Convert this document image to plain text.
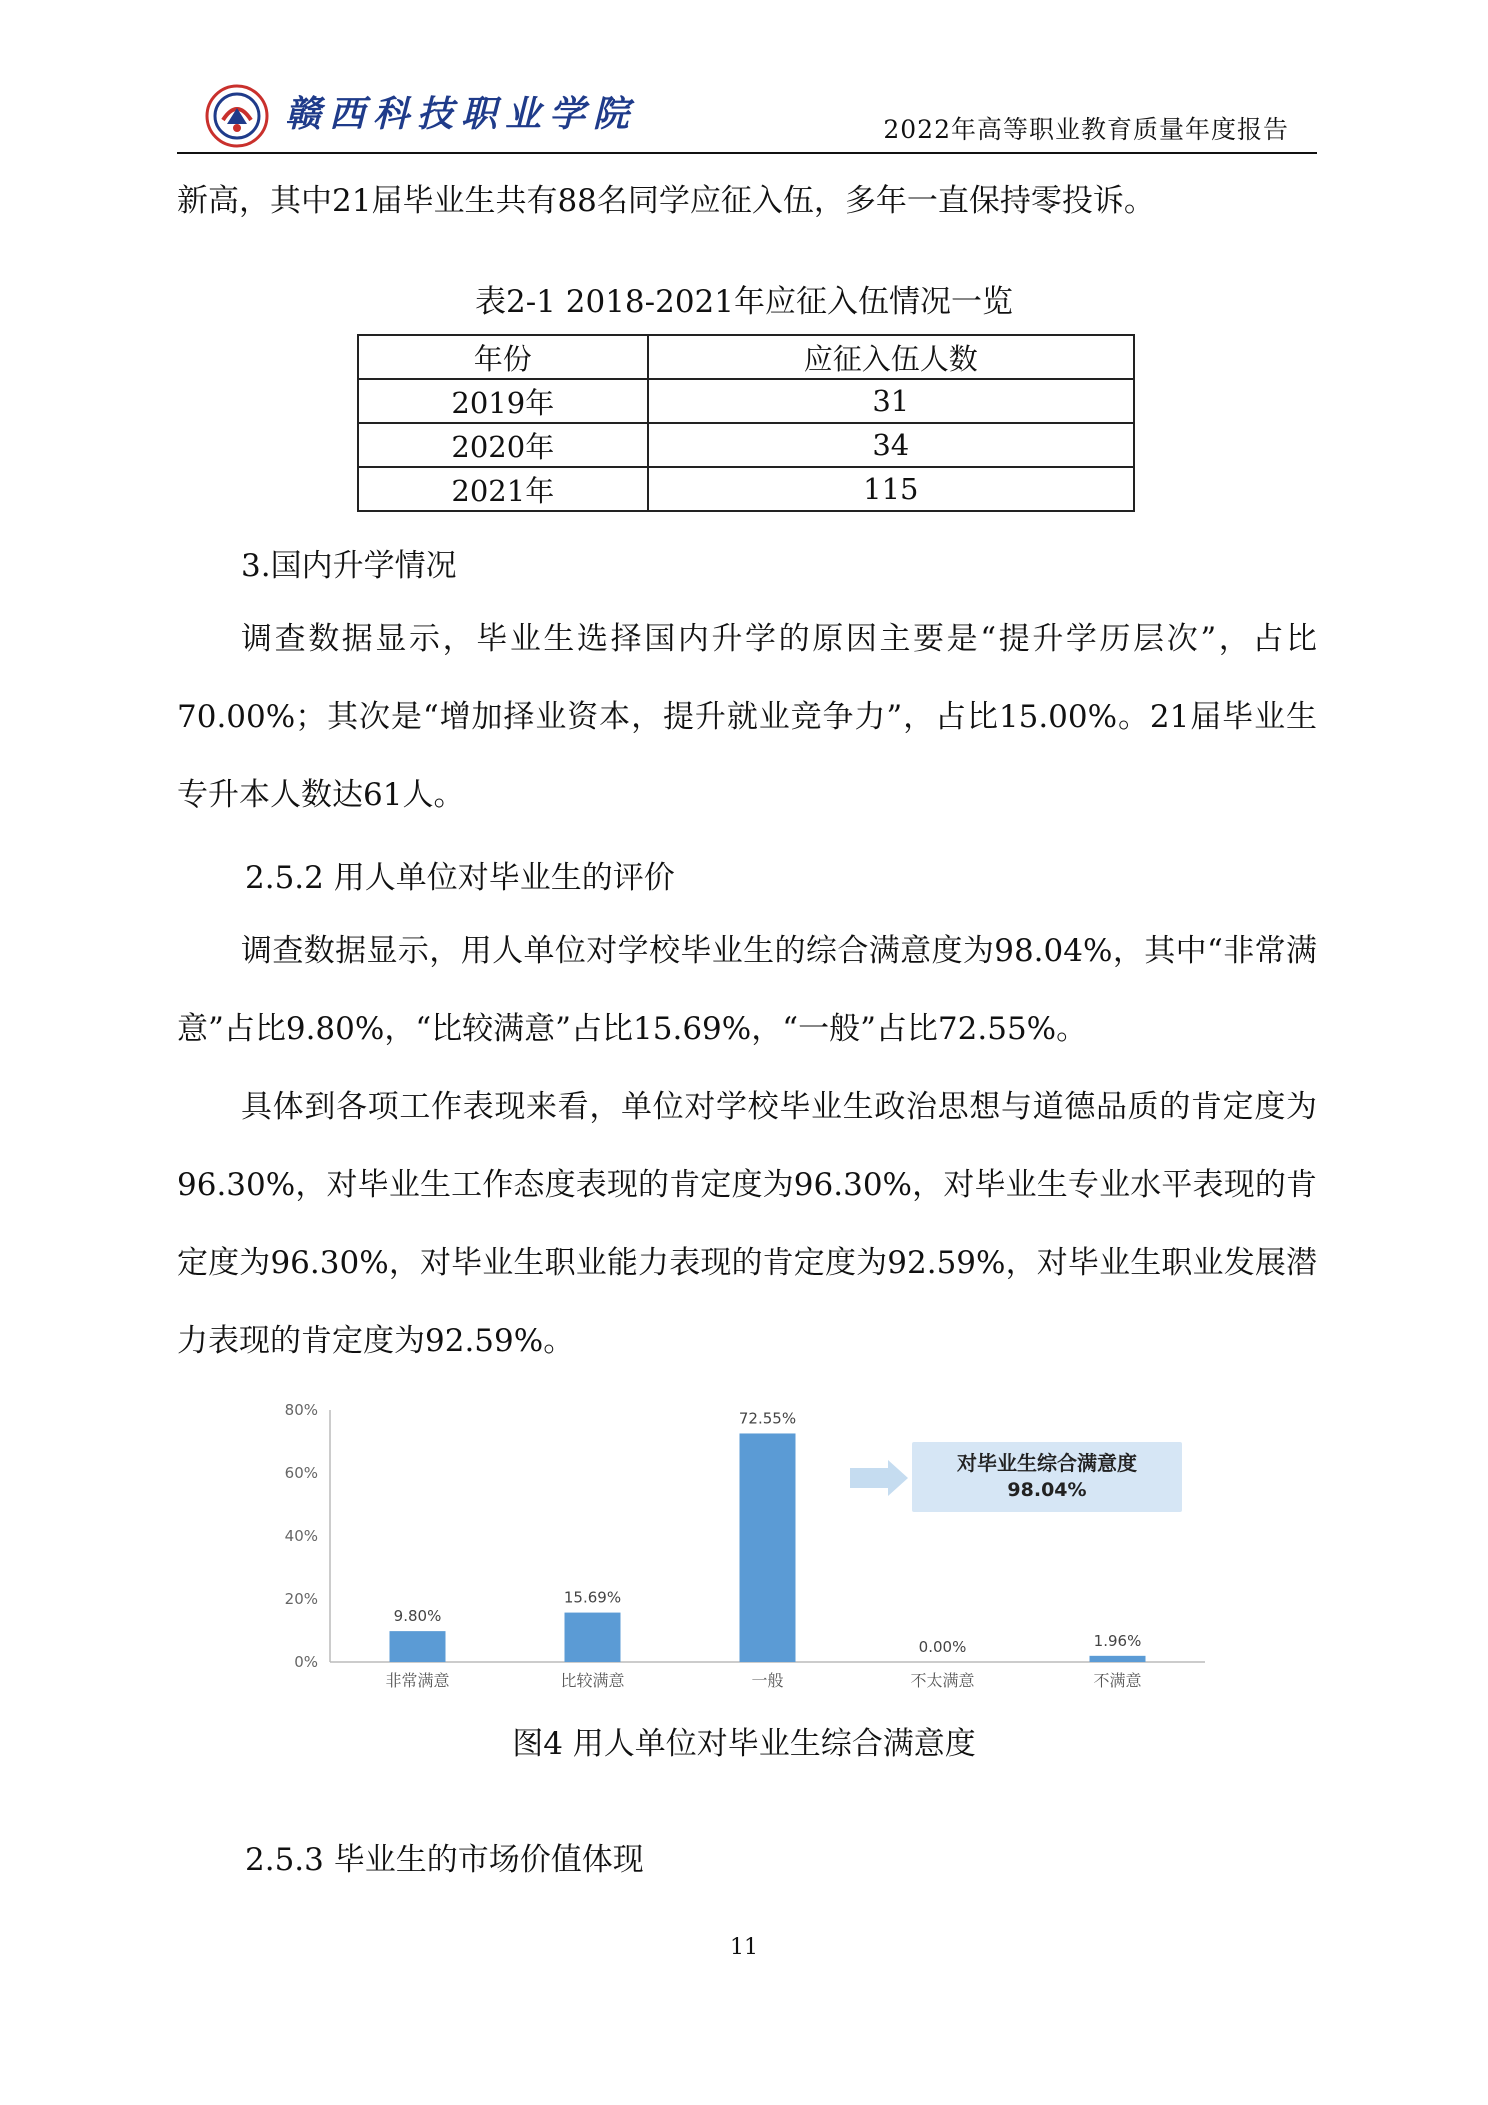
赣西科技职业学院	2022年高等职业教育质量年度报告
新高，其中21届毕业生共有88名同学应征入伍，多年一直保持零投诉。
表2-1 2018-2021年应征入伍情况一览
年份	应征入伍人数
2019年	31
2020年	34
2021年	115
3.国内升学情况
调查数据显示，毕业生选择国内升学的原因主要是“提升学历层次”，占比70.00%；其次是“增加择业资本，提升就业竞争力”，占比15.00%。21届毕业生专升本人数达61人。
2.5.2 用人单位对毕业生的评价
调查数据显示，用人单位对学校毕业生的综合满意度为98.04%，其中“非常满意”占比9.80%，“比较满意”占比15.69%，“一般”占比72.55%。
具体到各项工作表现来看，单位对学校毕业生政治思想与道德品质的肯定度为96.30%，对毕业生工作态度表现的肯定度为96.30%，对毕业生专业水平表现的肯定度为96.30%，对毕业生职业能力表现的肯定度为92.59%，对毕业生职业发展潜力表现的肯定度为92.59%。
0%
20%
40%
60%
80%
9.80%
非常满意
15.69%
比较满意
72.55%
一般
0.00%
不太满意
1.96%
不满意
对毕业生综合满意度
98.04%
图4 用人单位对毕业生综合满意度
2.5.3 毕业生的市场价值体现
11
